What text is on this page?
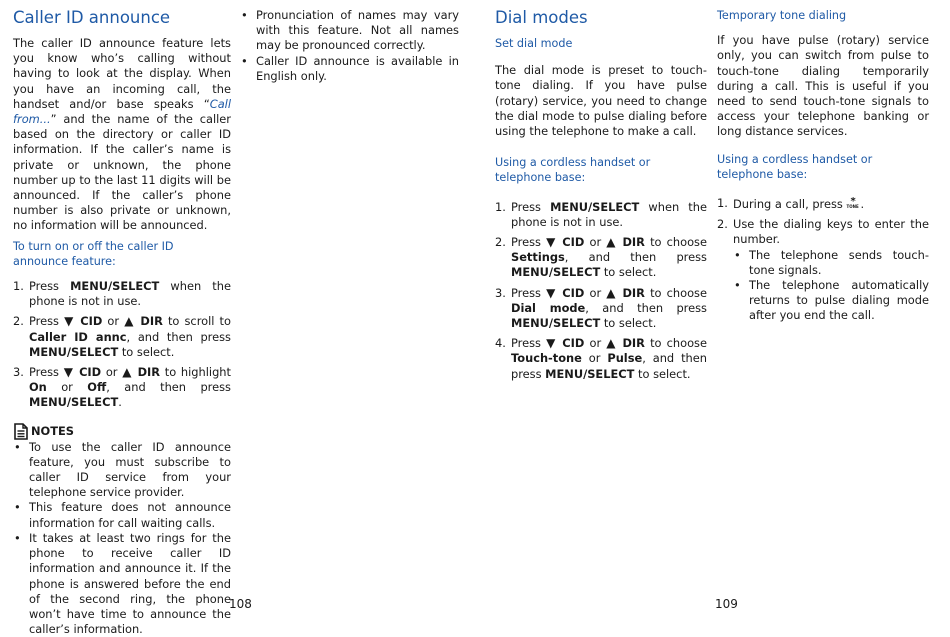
Caller ID announce

The caller ID announce feature lets you know who’s calling without having to look at the display. When you have an incoming call, the handset and/or base speaks “Call from...” and the name of the caller based on the directory or caller ID information. If the caller’s name is private or unknown, the phone number up to the last 11 digits will be announced. If the caller’s phone number is also private or unknown, no information will be announced.

To turn on or off the caller ID announce feature:
1. Press MENU/SELECT when the phone is not in use.
2. Press ▼ CID or ▲ DIR to scroll to Caller ID annc, and then press MENU/SELECT to select.
3. Press ▼ CID or ▲ DIR to highlight On or Off, and then press MENU/SELECT.
NOTES
• To use the caller ID announce feature, you must subscribe to caller ID service from your telephone service provider.
• This feature does not announce information for call waiting calls.
• It takes at least two rings for the phone to receive caller ID information and announce it. If the phone is answered before the end of the second ring, the phone won’t have time to announce the caller’s information.
• Pronunciation of names may vary with this feature. Not all names may be pronounced correctly.
• Caller ID announce is available in English only.
108
Dial modes
Set dial mode

The dial mode is preset to touch-tone dialing. If you have pulse (rotary) service, you need to change the dial mode to pulse dialing before using the telephone to make a call.

Using a cordless handset or telephone base:
1. Press MENU/SELECT when the phone is not in use.
2. Press ▼ CID or ▲ DIR to choose Settings, and then press MENU/SELECT to select.
3. Press ▼ CID or ▲ DIR to choose Dial mode, and then press MENU/SELECT to select.
4. Press ▼ CID or ▲ DIR to choose Touch-tone or Pulse, and then press MENU/SELECT to select.
Temporary tone dialing

If you have pulse (rotary) service only, you can switch from pulse to touch-tone dialing temporarily during a call. This is useful if you need to send touch-tone signals to access your telephone banking or long distance services.

Using a cordless handset or telephone base:
1. During a call, press *
TONE .
2. Use the dialing keys to enter the number.
• The telephone sends touch-tone signals.
• The telephone automatically returns to pulse dialing mode after you end the call.
109
